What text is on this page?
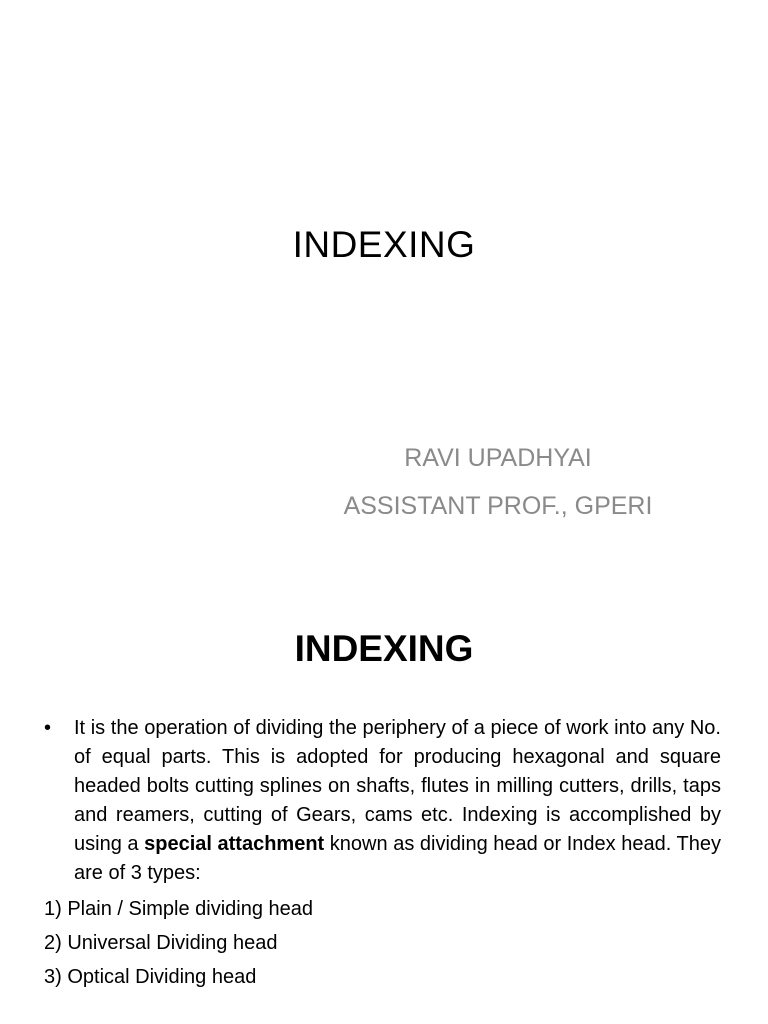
INDEXING
RAVI UPADHYAI
ASSISTANT PROF., GPERI
INDEXING
• It is the operation of dividing the periphery of a piece of work into any No. of equal parts. This is adopted for producing hexagonal and square headed bolts cutting splines on shafts, flutes in milling cutters, drills, taps and reamers, cutting of Gears, cams etc. Indexing is accomplished by using a special attachment known as dividing head or Index head. They are of 3 types:
1) Plain / Simple dividing head
2) Universal Dividing head
3) Optical Dividing head
